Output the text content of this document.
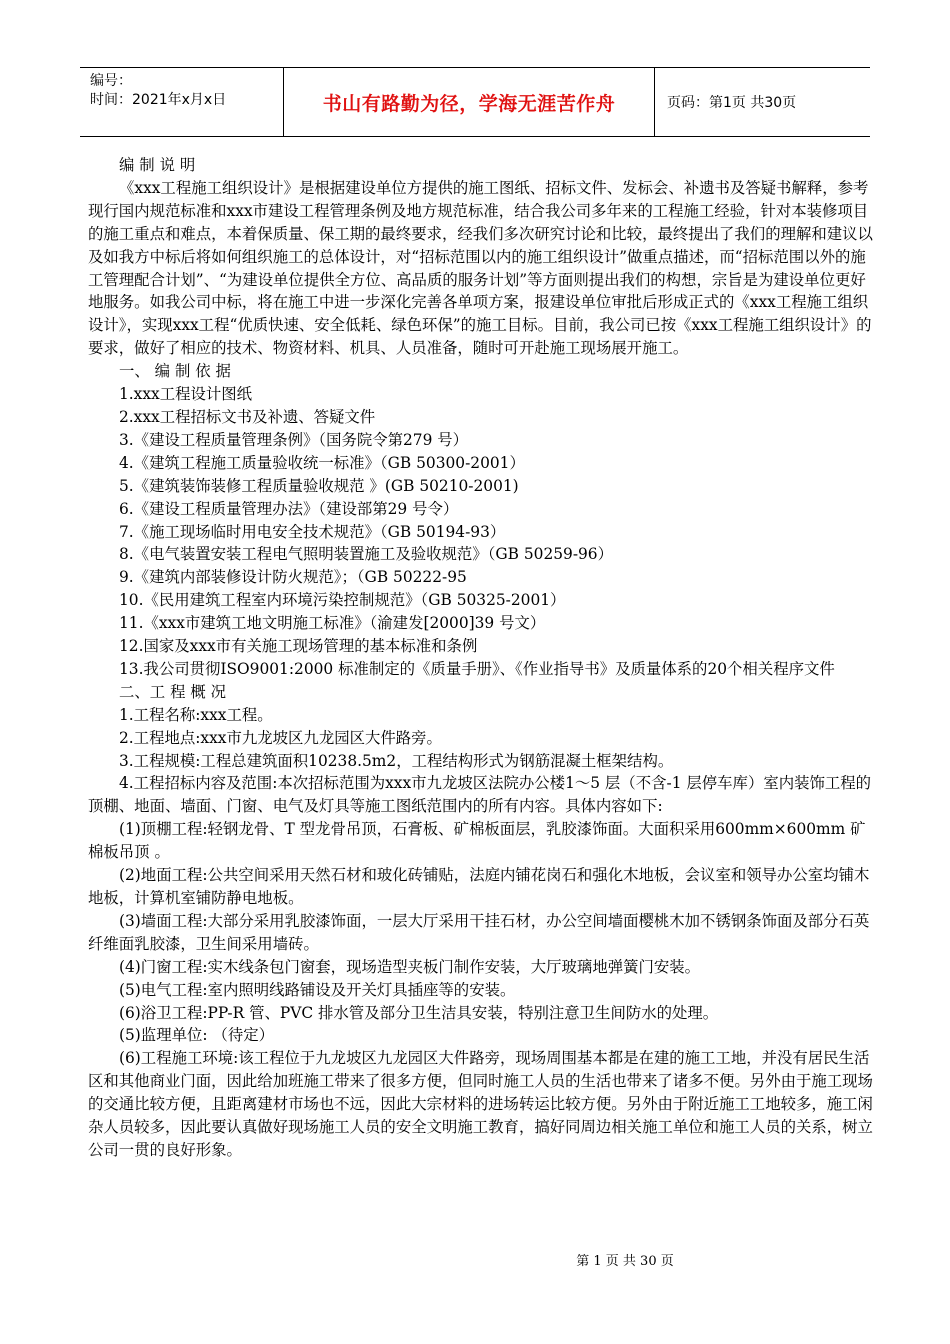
编号：
时间：2021年x月x日	书山有路勤为径，学海无涯苦作舟	页码：第1页 共30页

编 制 说 明

《xxx工程施工组织设计》是根据建设单位方提供的施工图纸、招标文件、发标会、补遗书及答疑书解释，参考现行国内规范标准和xxx市建设工程管理条例及地方规范标准，结合我公司多年来的工程施工经验，针对本装修项目的施工重点和难点，本着保质量、保工期的最终要求，经我们多次研究讨论和比较，最终提出了我们的理解和建议以及如我方中标后将如何组织施工的总体设计，对“招标范围以内的施工组织设计”做重点描述，而“招标范围以外的施工管理配合计划”、“为建设单位提供全方位、高品质的服务计划”等方面则提出我们的构想，宗旨是为建设单位更好地服务。如我公司中标，将在施工中进一步深化完善各单项方案，报建设单位审批后形成正式的《xxx工程施工组织设计》，实现xxx工程“优质快速、安全低耗、绿色环保”的施工目标。目前，我公司已按《xxx工程施工组织设计》的要求，做好了相应的技术、物资材料、机具、人员准备，随时可开赴施工现场展开施工。

一、 编 制 依 据

1.xxx工程设计图纸

2.xxx工程招标文书及补遗、答疑文件

3.《建设工程质量管理条例》（国务院令第279 号）

4.《建筑工程施工质量验收统一标准》（GB 50300-2001）

5.《建筑装饰装修工程质量验收规范 》(GB 50210-2001)

6.《建设工程质量管理办法》（建设部第29 号令）

7.《施工现场临时用电安全技术规范》（GB 50194-93）

8.《电气装置安装工程电气照明装置施工及验收规范》（GB 50259-96）

9.《建筑内部装修设计防火规范》；（GB 50222-95

10.《民用建筑工程室内环境污染控制规范》（GB 50325-2001）

11.《xxx市建筑工地文明施工标准》（渝建发[2000]39 号文）

12.国家及xxx市有关施工现场管理的基本标准和条例

13.我公司贯彻ISO9001:2000 标准制定的《质量手册》、《作业指导书》及质量体系的20个相关程序文件

二、工 程 概 况

1.工程名称:xxx工程。

2.工程地点:xxx市九龙坡区九龙园区大件路旁。

3.工程规模:工程总建筑面积10238.5m2，工程结构形式为钢筋混凝土框架结构。

4.工程招标内容及范围:本次招标范围为xxx市九龙坡区法院办公楼1～5 层（不含-1 层停车库）室内装饰工程的顶棚、地面、墙面、门窗、电气及灯具等施工图纸范围内的所有内容。具体内容如下:

(1)顶棚工程:轻钢龙骨、T 型龙骨吊顶，石膏板、矿棉板面层，乳胶漆饰面。大面积采用600mm×600mm 矿棉板吊顶 。

(2)地面工程:公共空间采用天然石材和玻化砖铺贴，法庭内铺花岗石和强化木地板，会议室和领导办公室均铺木地板，计算机室铺防静电地板。

(3)墙面工程:大部分采用乳胶漆饰面，一层大厅采用干挂石材，办公空间墙面樱桃木加不锈钢条饰面及部分石英纤维面乳胶漆，卫生间采用墙砖。

(4)门窗工程:实木线条包门窗套，现场造型夹板门制作安装，大厅玻璃地弹簧门安装。

(5)电气工程:室内照明线路铺设及开关灯具插座等的安装。

(6)浴卫工程:PP-R 管、PVC 排水管及部分卫生洁具安装，特别注意卫生间防水的处理。

(5)监理单位: （待定）

(6)工程施工环境:该工程位于九龙坡区九龙园区大件路旁，现场周围基本都是在建的施工工地，并没有居民生活区和其他商业门面，因此给加班施工带来了很多方便，但同时施工人员的生活也带来了诸多不便。另外由于施工现场的交通比较方便，且距离建材市场也不远，因此大宗材料的进场转运比较方便。另外由于附近施工工地较多，施工闲杂人员较多，因此要认真做好现场施工人员的安全文明施工教育，搞好同周边相关施工单位和施工人员的关系，树立公司一贯的良好形象。

第 1 页 共 30 页
